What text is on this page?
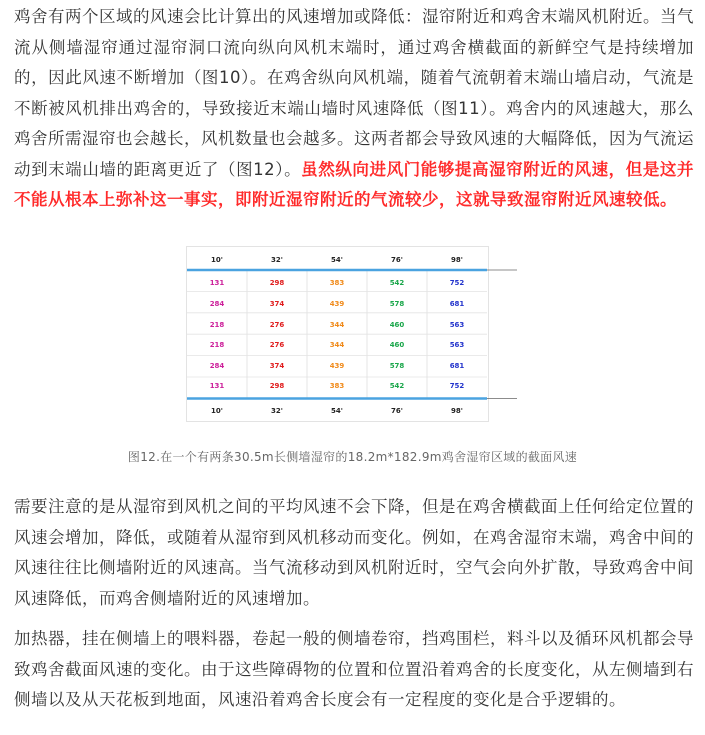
鸡舍有两个区域的风速会比计算出的风速增加或降低：湿帘附近和鸡舍末端风机附近。当气流从侧墙湿帘通过湿帘洞口流向纵向风机末端时，通过鸡舍横截面的新鲜空气是持续增加的，因此风速不断增加（图10）。在鸡舍纵向风机端，随着气流朝着末端山墙启动，气流是不断被风机排出鸡舍的，导致接近末端山墙时风速降低（图11）。鸡舍内的风速越大，那么鸡舍所需湿帘也会越长，风机数量也会越多。这两者都会导致风速的大幅降低，因为气流运动到末端山墙的距离更近了（图12）。虽然纵向进风门能够提高湿帘附近的风速，但是这并不能从根本上弥补这一事实，即附近湿帘附近的气流较少，这就导致湿帘附近风速较低。

10'	32'	54'	76'	98'
131	298	383	542	752
284	374	439	578	681
218	276	344	460	563
218	276	344	460	563
284	374	439	578	681
131	298	383	542	752
10'	32'	54'	76'	98'
图12.在一个有两条30.5m长侧墙湿帘的18.2m*182.9m鸡舍湿帘区域的截面风速

需要注意的是从湿帘到风机之间的平均风速不会下降，但是在鸡舍横截面上任何给定位置的风速会增加，降低，或随着从湿帘到风机移动而变化。例如，在鸡舍湿帘末端，鸡舍中间的风速往往比侧墙附近的风速高。当气流移动到风机附近时，空气会向外扩散，导致鸡舍中间风速降低，而鸡舍侧墙附近的风速增加。

加热器，挂在侧墙上的喂料器，卷起一般的侧墙卷帘，挡鸡围栏，料斗以及循环风机都会导致鸡舍截面风速的变化。由于这些障碍物的位置和位置沿着鸡舍的长度变化，从左侧墙到右侧墙以及从天花板到地面，风速沿着鸡舍长度会有一定程度的变化是合乎逻辑的。
